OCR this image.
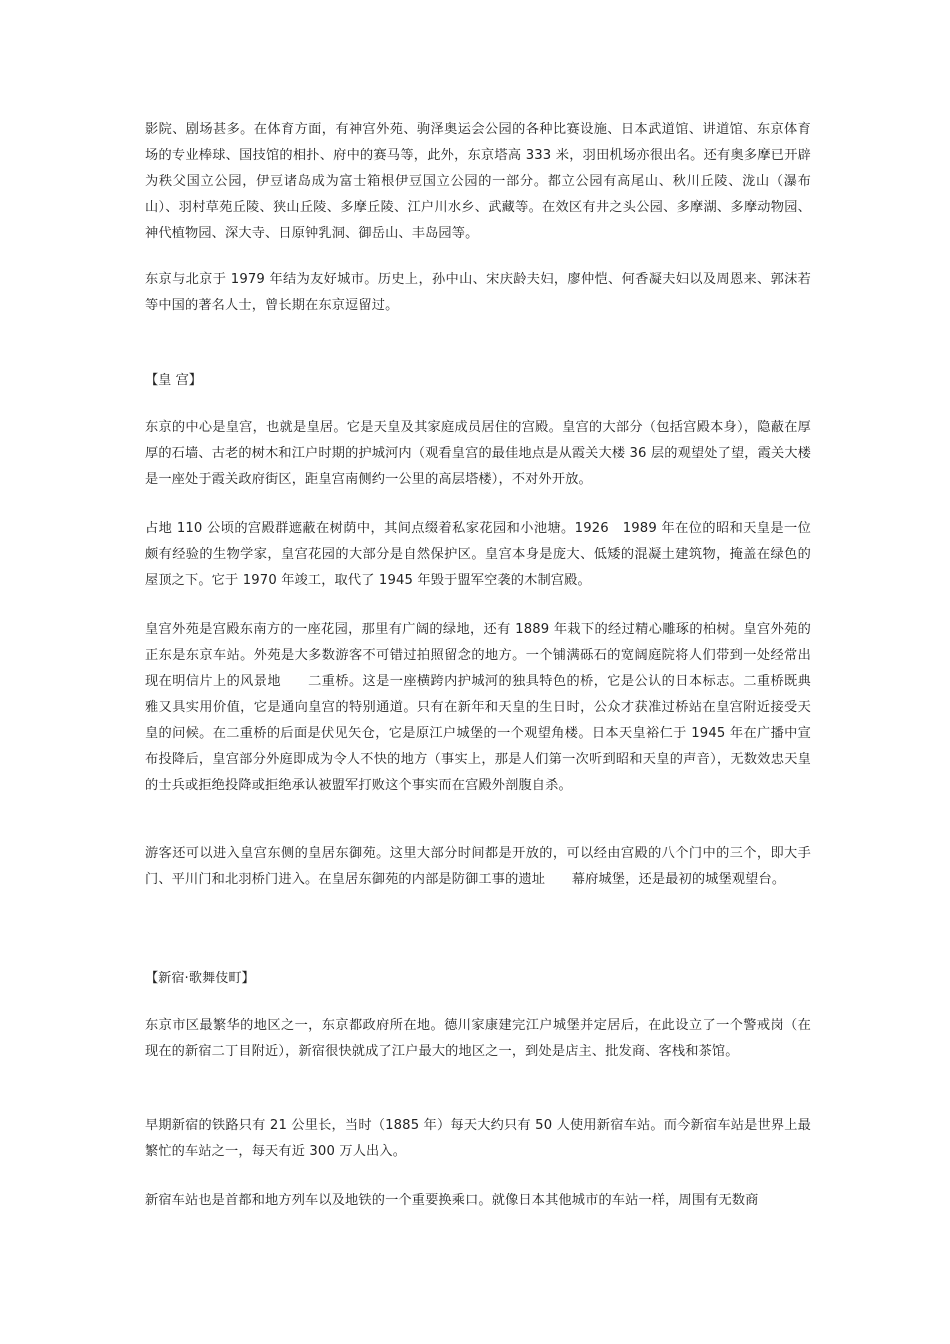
影院、剧场甚多。在体育方面，有神宫外苑、驹泽奥运会公园的各种比赛设施、日本武道馆、讲道馆、东京体育场的专业棒球、国技馆的相扑、府中的赛马等，此外，东京塔高 333 米，羽田机场亦很出名。还有奥多摩已开辟为秩父国立公园，伊豆诸岛成为富士箱根伊豆国立公园的一部分。都立公园有高尾山、秋川丘陵、泷山（瀑布山）、羽村草苑丘陵、狭山丘陵、多摩丘陵、江户川水乡、武藏等。在效区有井之头公园、多摩湖、多摩动物园、神代植物园、深大寺、日原钟乳洞、御岳山、丰岛园等。

东京与北京于 1979 年结为友好城市。历史上，孙中山、宋庆龄夫妇，廖仲恺、何香凝夫妇以及周恩来、郭沫若等中国的著名人士，曾长期在东京逗留过。

【皇 宫】

东京的中心是皇宫，也就是皇居。它是天皇及其家庭成员居住的宫殿。皇宫的大部分（包括宫殿本身），隐蔽在厚厚的石墙、古老的树木和江户时期的护城河内（观看皇宫的最佳地点是从霞关大楼 36 层的观望处了望，霞关大楼是一座处于霞关政府街区，距皇宫南侧约一公里的高层塔楼），不对外开放。

占地 110 公顷的宫殿群遮蔽在树荫中，其间点缀着私家花园和小池塘。1926　1989 年在位的昭和天皇是一位颇有经验的生物学家，皇宫花园的大部分是自然保护区。皇宫本身是庞大、低矮的混凝土建筑物，掩盖在绿色的屋顶之下。它于 1970 年竣工，取代了 1945 年毁于盟军空袭的木制宫殿。

皇宫外苑是宫殿东南方的一座花园，那里有广阔的绿地，还有 1889 年栽下的经过精心雕琢的柏树。皇宫外苑的正东是东京车站。外苑是大多数游客不可错过拍照留念的地方。一个铺满砾石的宽阔庭院将人们带到一处经常出现在明信片上的风景地　　二重桥。这是一座横跨内护城河的独具特色的桥，它是公认的日本标志。二重桥既典雅又具实用价值，它是通向皇宫的特别通道。只有在新年和天皇的生日时，公众才获准过桥站在皇宫附近接受天皇的问候。在二重桥的后面是伏见矢仓，它是原江户城堡的一个观望角楼。日本天皇裕仁于 1945 年在广播中宣布投降后，皇宫部分外庭即成为令人不快的地方（事实上，那是人们第一次听到昭和天皇的声音），无数效忠天皇的士兵或拒绝投降或拒绝承认被盟军打败这个事实而在宫殿外剖腹自杀。

游客还可以进入皇宫东侧的皇居东御苑。这里大部分时间都是开放的，可以经由宫殿的八个门中的三个，即大手门、平川门和北羽桥门进入。在皇居东御苑的内部是防御工事的遗址　　幕府城堡，还是最初的城堡观望台。

【新宿·歌舞伎町】

东京市区最繁华的地区之一，东京都政府所在地。德川家康建完江户城堡并定居后，在此设立了一个警戒岗（在现在的新宿二丁目附近），新宿很快就成了江户最大的地区之一，到处是店主、批发商、客栈和茶馆。

早期新宿的铁路只有 21 公里长，当时（1885 年）每天大约只有 50 人使用新宿车站。而今新宿车站是世界上最繁忙的车站之一，每天有近 300 万人出入。

新宿车站也是首都和地方列车以及地铁的一个重要换乘口。就像日本其他城市的车站一样，周围有无数商
